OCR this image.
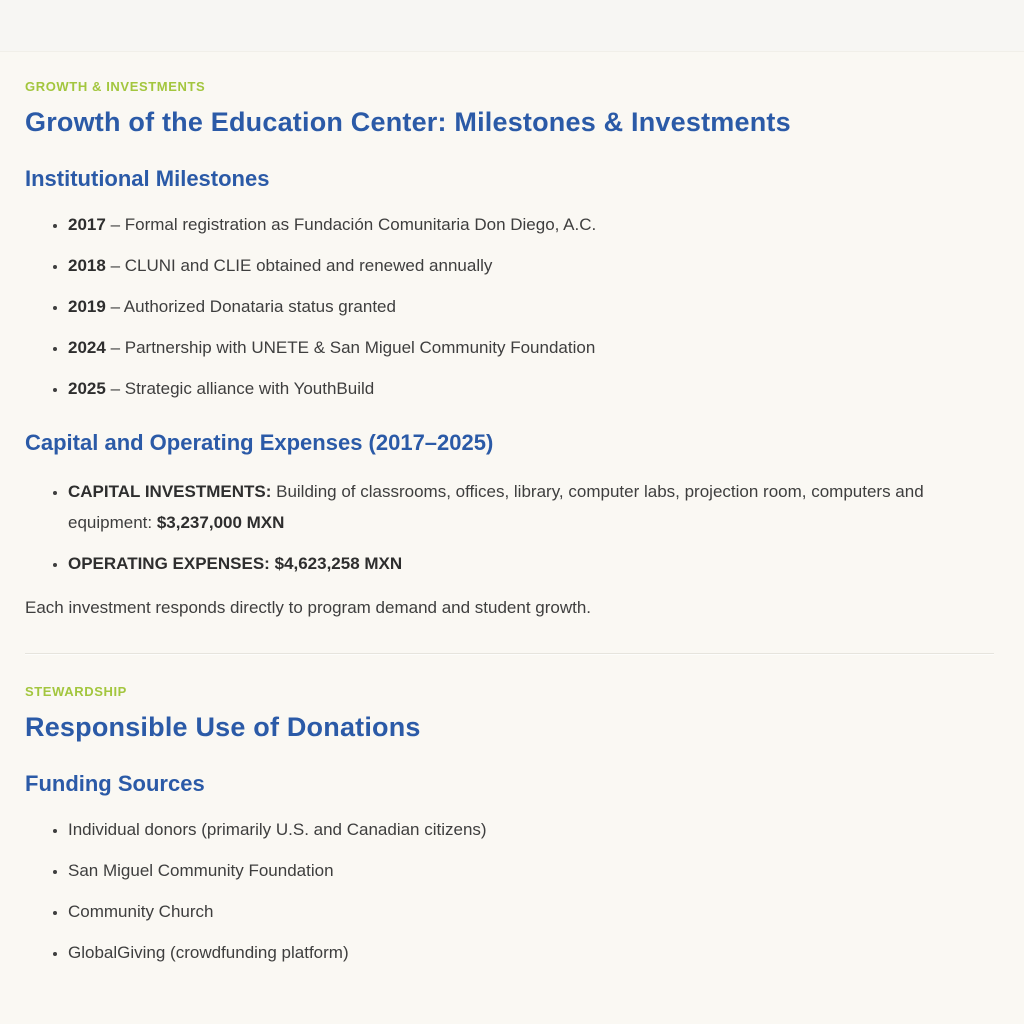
GROWTH & INVESTMENTS
Growth of the Education Center: Milestones & Investments
Institutional Milestones
• 2017 – Formal registration as Fundación Comunitaria Don Diego, A.C.
• 2018 – CLUNI and CLIE obtained and renewed annually
• 2019 – Authorized Donataria status granted
• 2024 – Partnership with UNETE & San Miguel Community Foundation
• 2025 – Strategic alliance with YouthBuild
Capital and Operating Expenses (2017–2025)
• CAPITAL INVESTMENTS: Building of classrooms, offices, library, computer labs, projection room, computers and equipment: $3,237,000 MXN
• OPERATING EXPENSES: $4,623,258 MXN

Each investment responds directly to program demand and student growth.

STEWARDSHIP
Responsible Use of Donations
Funding Sources
• Individual donors (primarily U.S. and Canadian citizens)
• San Miguel Community Foundation
• Community Church
• GlobalGiving (crowdfunding platform)
